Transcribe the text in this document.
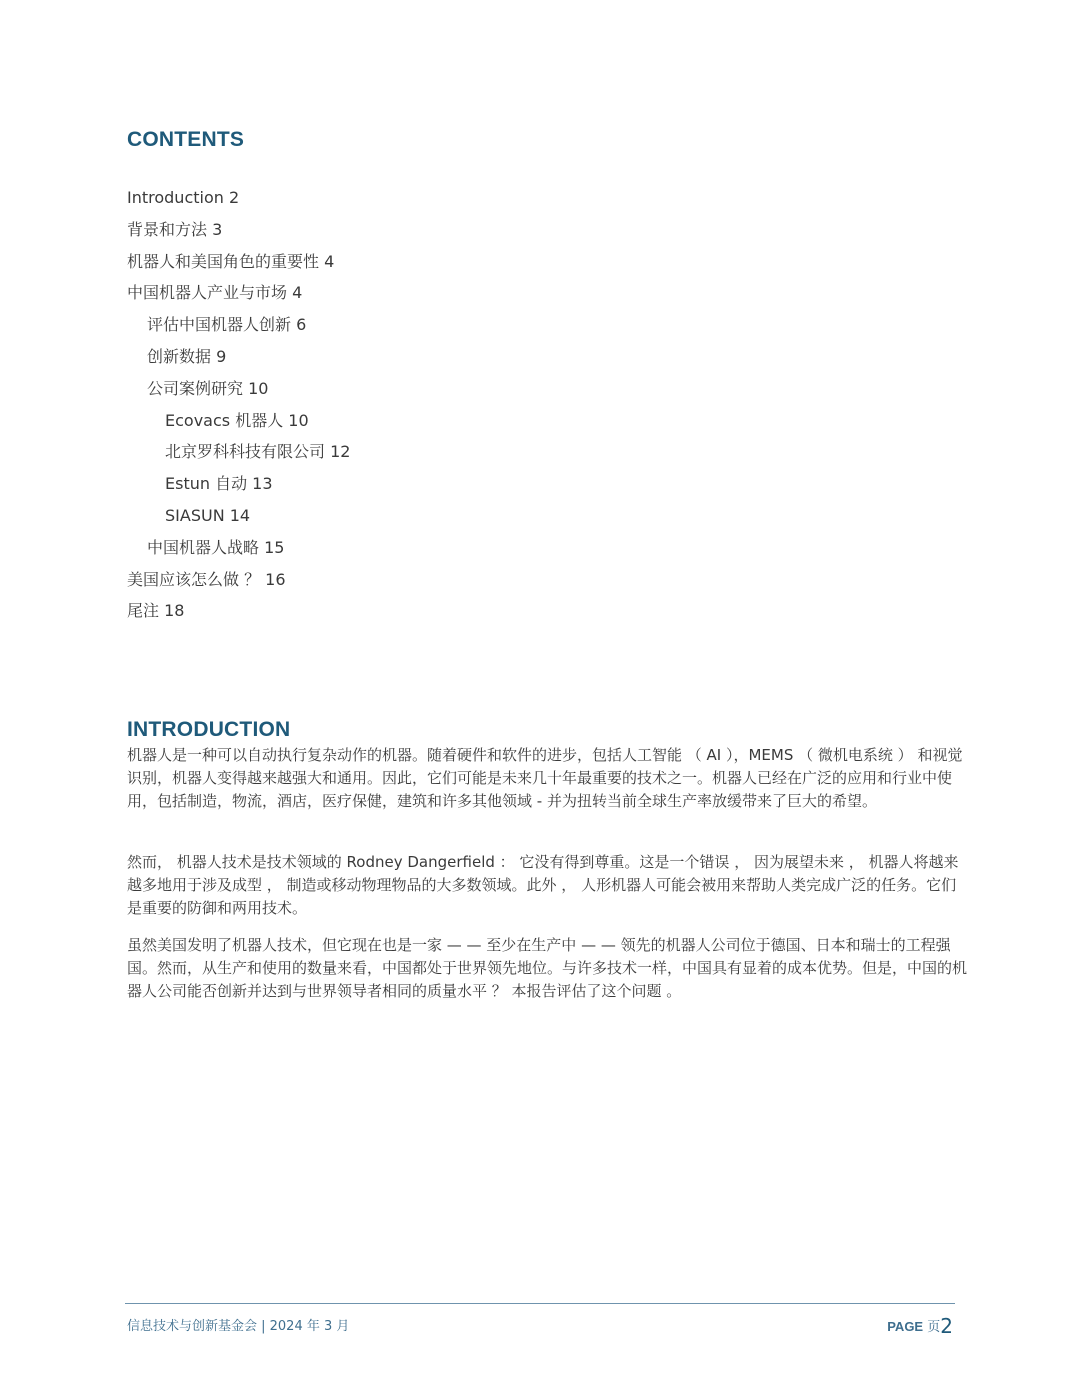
CONTENTS
Introduction 2
背景和方法 3
机器人和美国角色的重要性 4
中国机器人产业与市场 4
评估中国机器人创新 6
创新数据 9
公司案例研究 10
Ecovacs 机器人 10
北京罗科科技有限公司 12
Estun 自动 13
SIASUN 14
中国机器人战略 15
美国应该怎么做 ？ 16
尾注 18
INTRODUCTION

机器人是一种可以自动执行复杂动作的机器。随着硬件和软件的进步，包括人工智能 （ AI ），MEMS （ 微机电系统 ） 和视觉识别，机器人变得越来越强大和通用。因此，它们可能是未来几十年最重要的技术之一。机器人已经在广泛的应用和行业中使用，包括制造，物流，酒店，医疗保健，建筑和许多其他领域 - 并为扭转当前全球生产率放缓带来了巨大的希望。

然而， 机器人技术是技术领域的 Rodney Dangerfield ： 它没有得到尊重。这是一个错误 ， 因为展望未来 ， 机器人将越来越多地用于涉及成型 ， 制造或移动物理物品的大多数领域。此外 ， 人形机器人可能会被用来帮助人类完成广泛的任务。它们是重要的防御和两用技术。

虽然美国发明了机器人技术，但它现在也是一家 — — 至少在生产中 — — 领先的机器人公司位于德国、日本和瑞士的工程强国。然而，从生产和使用的数量来看，中国都处于世界领先地位。与许多技术一样，中国具有显着的成本优势。但是，中国的机器人公司能否创新并达到与世界领导者相同的质量水平 ？ 本报告评估了这个问题 。

信息技术与创新基金会 | 2024 年 3 月	PAGE 页2
